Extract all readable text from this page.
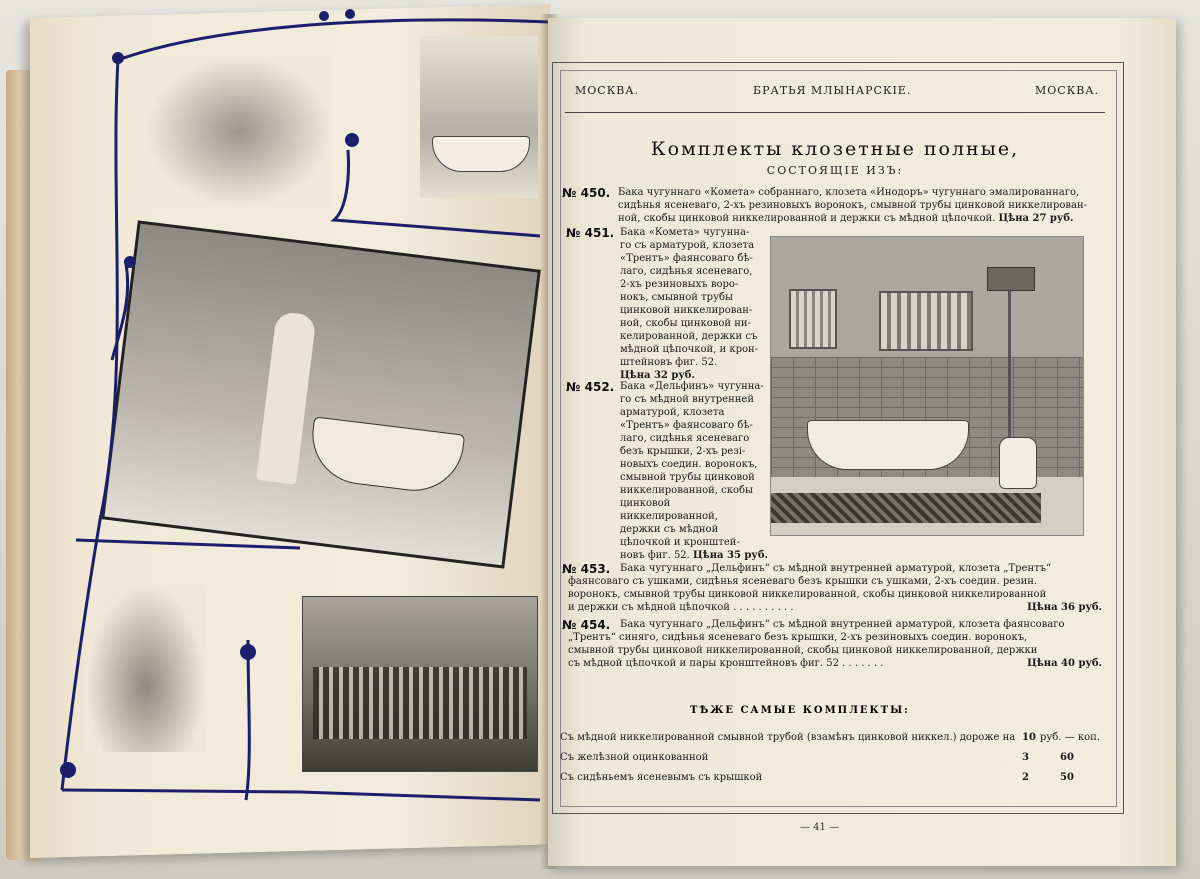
МОСКВА.	БРАТЬЯ МЛЫНАРСКІЕ.	МОСКВА.
Комплекты клозетные полные,
СОСТОЯЩІЕ ИЗЪ:
№ 450. Бака чугуннаго «Комета» собраннаго, клозета «Инодоръ» чугуннаго эмалированнаго,
сидѣнья ясеневаго, 2-хъ резиновыхъ воронокъ, смывной трубы цинковой никкелирован-
ной, скобы цинковой никкелированной и держки съ мѣдной цѣпочкой. Цѣна 27 руб.
№ 451. Бака «Комета» чугунна-
го съ арматурой, клозета
«Трентъ» фаянсоваго бѣ-
лаго, сидѣнья ясеневаго,
2-хъ резиновыхъ воро-
нокъ, смывной трубы
цинковой никкелирован-
ной, скобы цинковой ни-
келированной, держки съ
мѣдной цѣпочкой, и крон-
штейновъ фиг. 52.
Цѣна 32 руб.
№ 452. Бака «Дельфинъ» чугунна-
го съ мѣдной внутренней
арматурой, клозета
«Трентъ» фаянсоваго бѣ-
лаго, сидѣнья ясеневаго
безъ крышки, 2-хъ резі-
новыхъ соедин. воронокъ,
смывной трубы цинковой
никкелированной, скобы
цинковой никкелированной,
держки съ мѣдной
цѣпочкой и кронштей-
новъ фиг. 52. Цѣна 35 руб.
№ 453. Бака чугуннаго „Дельфинъ“ съ мѣдной внутренней арматурой, клозета „Трентъ“
фаянсоваго съ ушками, сидѣнья ясеневаго безъ крышки съ ушками, 2-хъ соедин. резин.
воронокъ, смывной трубы цинковой никкелированной, скобы цинковой никкелированной
и держки съ мѣдной цѣпочкой . . . . . . . . . .	Цѣна 36 руб.
№ 454. Бака чугуннаго „Дельфинъ“ съ мѣдной внутренней арматурой, клозета фаянсоваго
„Трентъ“ синяго, сидѣнья ясеневаго безъ крышки, 2-хъ резиновыхъ соедин. воронокъ,
смывной трубы цинковой никкелированной, скобы цинковой никкелированной, держки
съ мѣдной цѣпочкой и пары кронштейновъ фиг. 52 . . . . . . .	Цѣна 40 руб.
ТѢЖЕ САМЫЕ КОМПЛЕКТЫ:
Съ мѣдной никкелированной смывной трубой (взамѣнъ цинковой никкел.) дороже на 10 руб. — коп.
Съ желѣзной оцинкованной	3	60
Съ сидѣньемъ ясеневымъ съ крышкой	2	50
— 41 —
